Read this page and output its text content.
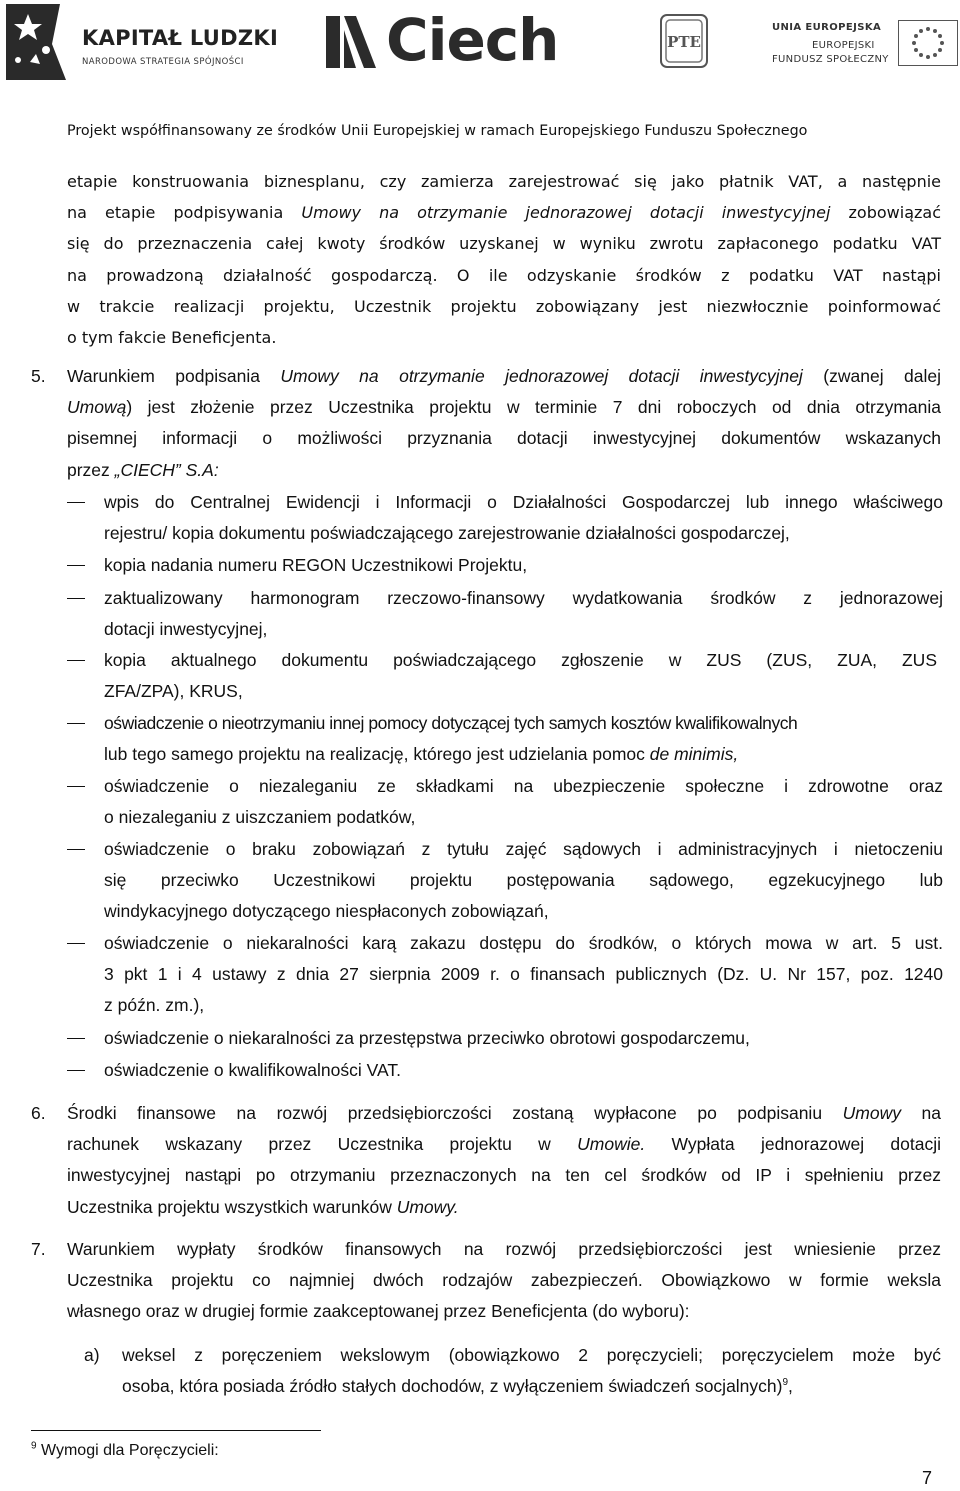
KAPITAŁ LUDZKI
NARODOWA STRATEGIA SPÓJNOŚCI Ciech	PTE
UNIA EUROPEJSKA
EUROPEJSKI
FUNDUSZ SPOŁECZNY
Projekt współfinansowany ze środków Unii Europejskiej w ramach Europejskiego Funduszu Społecznego
etapie konstruowania biznesplanu, czy zamierza zarejestrować się jako płatnik VAT, a następnie
na etapie podpisywania Umowy na otrzymanie jednorazowej dotacji inwestycyjnej zobowiązać
się do przeznaczenia całej kwoty środków uzyskanej w wyniku zwrotu zapłaconego podatku VAT
na prowadzoną działalność gospodarczą. O ile odzyskanie środków z podatku VAT nastąpi
w trakcie realizacji projektu, Uczestnik projektu zobowiązany jest niezwłocznie poinformować
o tym fakcie Beneficjenta.
5. Warunkiem podpisania Umowy na otrzymanie jednorazowej dotacji inwestycyjnej (zwanej dalej
Umową) jest złożenie przez Uczestnika projektu w terminie 7 dni roboczych od dnia otrzymania
pisemnej informacji o możliwości przyznania dotacji inwestycyjnej dokumentów wskazanych
przez „CIECH” S.A:
wpis do Centralnej Ewidencji i Informacji o Działalności Gospodarczej lub innego właściwego
rejestru/ kopia dokumentu poświadczającego zarejestrowanie działalności gospodarczej,
kopia nadania numeru REGON Uczestnikowi Projektu,
zaktualizowany harmonogram rzeczowo-finansowy wydatkowania środków z jednorazowej
dotacji inwestycyjnej,
kopia aktualnego dokumentu poświadczającego zgłoszenie w ZUS (ZUS, ZUA, ZUS
ZFA/ZPA), KRUS,
oświadczenie o nieotrzymaniu innej pomocy dotyczącej tych samych kosztów kwalifikowalnych
lub tego samego projektu na realizację, którego jest udzielania pomoc de minimis,
oświadczenie o niezaleganiu ze składkami na ubezpieczenie społeczne i zdrowotne oraz
o niezaleganiu z uiszczaniem podatków,
oświadczenie o braku zobowiązań z tytułu zajęć sądowych i administracyjnych i nietoczeniu
się przeciwko Uczestnikowi projektu postępowania sądowego, egzekucyjnego lub
windykacyjnego dotyczącego niespłaconych zobowiązań,
oświadczenie o niekaralności karą zakazu dostępu do środków, o których mowa w art. 5 ust.
3 pkt 1 i 4 ustawy z dnia 27 sierpnia 2009 r. o finansach publicznych (Dz. U. Nr 157, poz. 1240
z późn. zm.),
oświadczenie o niekaralności za przestępstwa przeciwko obrotowi gospodarczemu,
oświadczenie o kwalifikowalności VAT.
6. Środki finansowe na rozwój przedsiębiorczości zostaną wypłacone po podpisaniu Umowy na
rachunek wskazany przez Uczestnika projektu w Umowie. Wypłata jednorazowej dotacji
inwestycyjnej nastąpi po otrzymaniu przeznaczonych na ten cel środków od IP i spełnieniu przez
Uczestnika projektu wszystkich warunków Umowy.
7. Warunkiem wypłaty środków finansowych na rozwój przedsiębiorczości jest wniesienie przez
Uczestnika projektu co najmniej dwóch rodzajów zabezpieczeń. Obowiązkowo w formie weksla
własnego oraz w drugiej formie zaakceptowanej przez Beneficjenta (do wyboru):
a) weksel z poręczeniem wekslowym (obowiązkowo 2 poręczycieli; poręczycielem może być
osoba, która posiada źródło stałych dochodów, z wyłączeniem świadczeń socjalnych)$^9$,
$^9$ Wymogi dla Poręczycieli:
7
